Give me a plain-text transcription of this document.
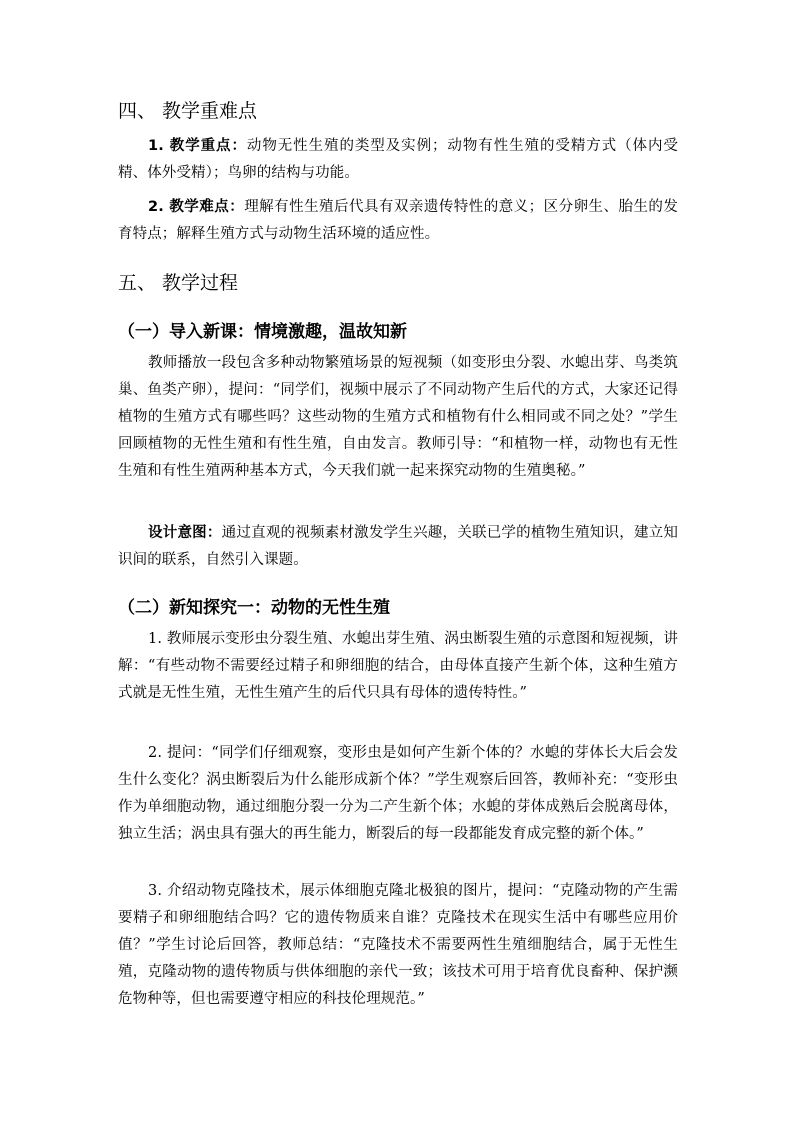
四、 教学重难点
1. 教学重点：动物无性生殖的类型及实例；动物有性生殖的受精方式（体内受精、体外受精）；鸟卵的结构与功能。
2. 教学难点：理解有性生殖后代具有双亲遗传特性的意义；区分卵生、胎生的发育特点；解释生殖方式与动物生活环境的适应性。
五、 教学过程
（一）导入新课：情境激趣，温故知新
教师播放一段包含多种动物繁殖场景的短视频（如变形虫分裂、水螅出芽、鸟类筑巢、鱼类产卵），提问：“同学们，视频中展示了不同动物产生后代的方式，大家还记得植物的生殖方式有哪些吗？这些动物的生殖方式和植物有什么相同或不同之处？”学生回顾植物的无性生殖和有性生殖，自由发言。教师引导：“和植物一样，动物也有无性生殖和有性生殖两种基本方式，今天我们就一起来探究动物的生殖奥秘。”
设计意图：通过直观的视频素材激发学生兴趣，关联已学的植物生殖知识，建立知识间的联系，自然引入课题。
（二）新知探究一：动物的无性生殖
1. 教师展示变形虫分裂生殖、水螅出芽生殖、涡虫断裂生殖的示意图和短视频，讲解：“有些动物不需要经过精子和卵细胞的结合，由母体直接产生新个体，这种生殖方式就是无性生殖，无性生殖产生的后代只具有母体的遗传特性。”
2. 提问：“同学们仔细观察，变形虫是如何产生新个体的？水螅的芽体长大后会发生什么变化？涡虫断裂后为什么能形成新个体？”学生观察后回答，教师补充：“变形虫作为单细胞动物，通过细胞分裂一分为二产生新个体；水螅的芽体成熟后会脱离母体，独立生活；涡虫具有强大的再生能力，断裂后的每一段都能发育成完整的新个体。”
3. 介绍动物克隆技术，展示体细胞克隆北极狼的图片，提问：“克隆动物的产生需要精子和卵细胞结合吗？它的遗传物质来自谁？克隆技术在现实生活中有哪些应用价值？”学生讨论后回答，教师总结：“克隆技术不需要两性生殖细胞结合，属于无性生殖，克隆动物的遗传物质与供体细胞的亲代一致；该技术可用于培育优良畜种、保护濒危物种等，但也需要遵守相应的科技伦理规范。”
